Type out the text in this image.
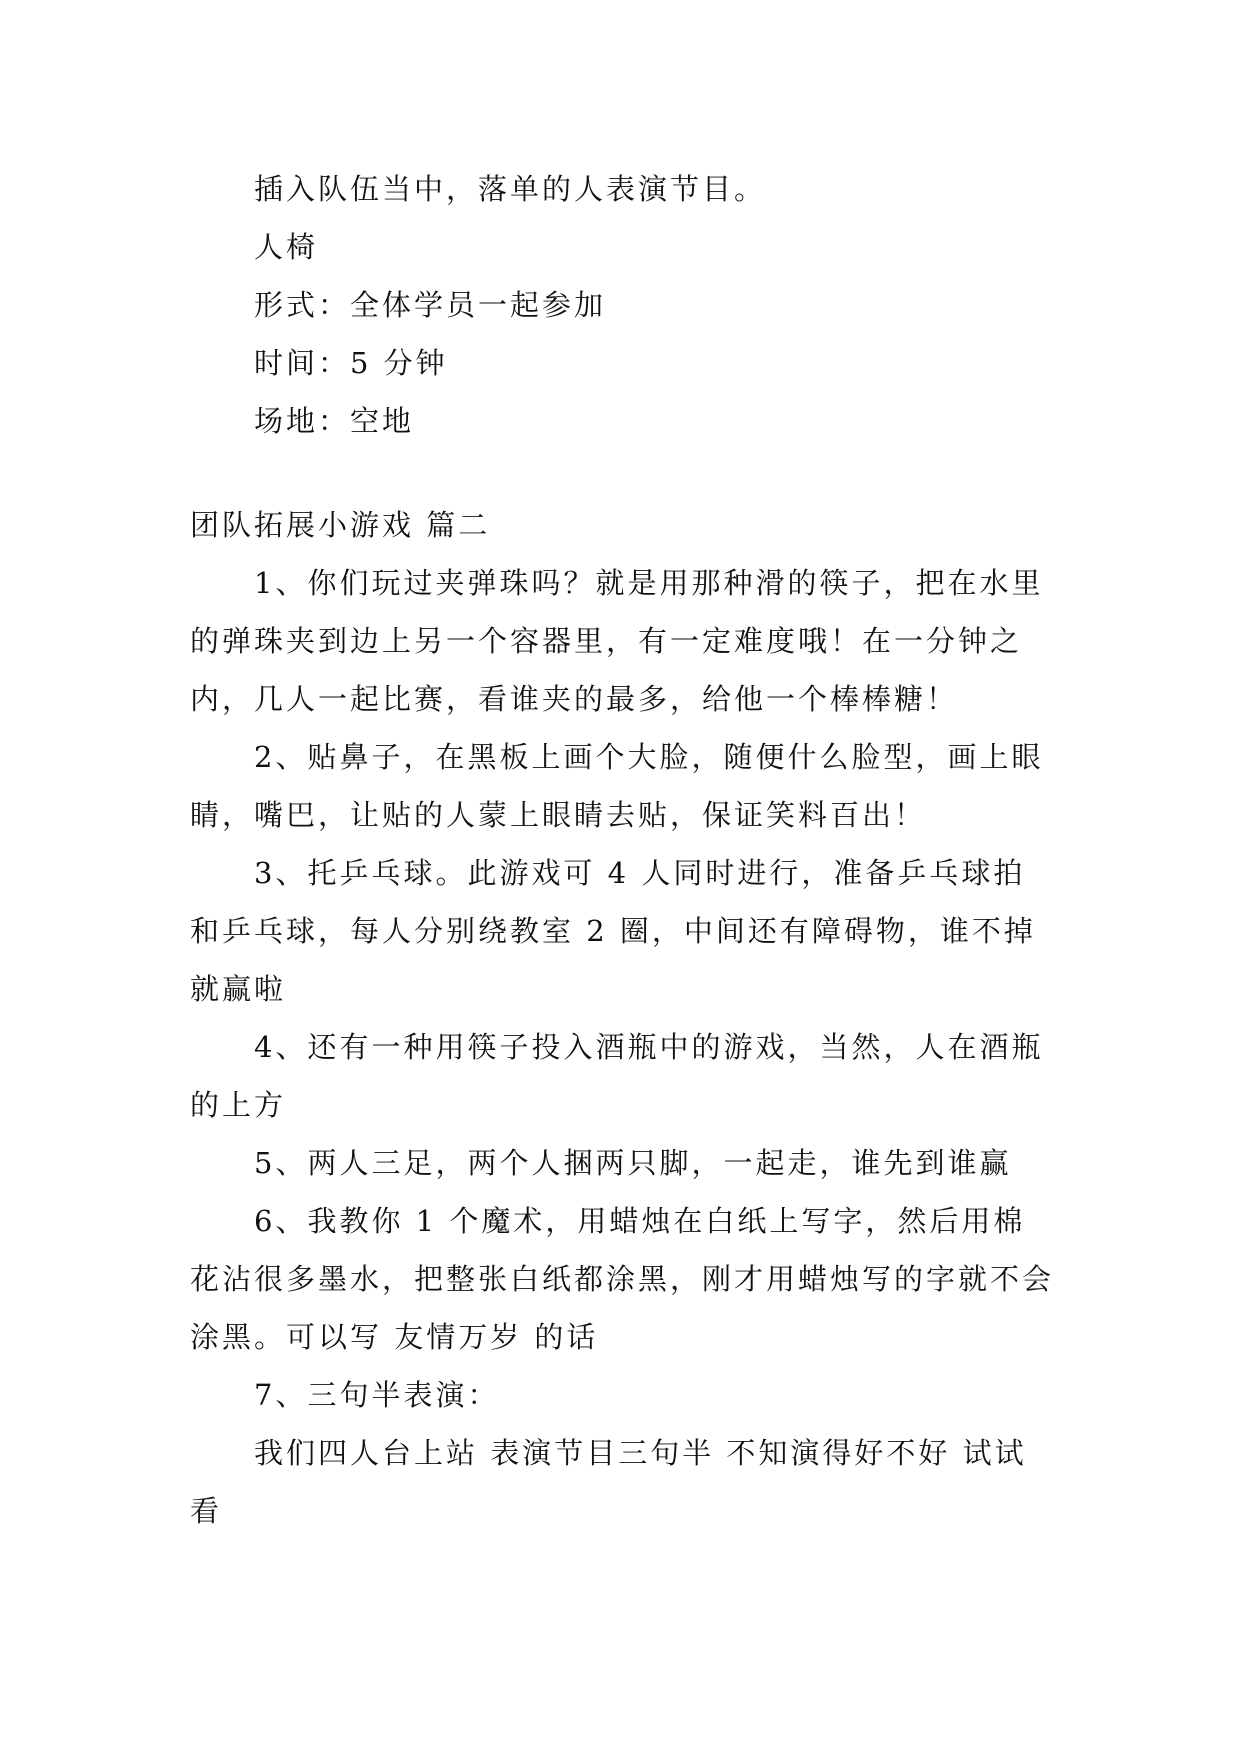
插入队伍当中，落单的人表演节目。

人椅

形式：全体学员一起参加

时间：5 分钟

场地：空地

团队拓展小游戏 篇二

1、你们玩过夹弹珠吗？就是用那种滑的筷子，把在水里的弹珠夹到边上另一个容器里，有一定难度哦！在一分钟之内，几人一起比赛，看谁夹的最多，给他一个棒棒糖！

2、贴鼻子，在黑板上画个大脸，随便什么脸型，画上眼睛，嘴巴，让贴的人蒙上眼睛去贴，保证笑料百出！

3、托乒乓球。此游戏可 4 人同时进行，准备乒乓球拍和乒乓球，每人分别绕教室 2 圈，中间还有障碍物，谁不掉就赢啦

4、还有一种用筷子投入酒瓶中的游戏，当然，人在酒瓶的上方

5、两人三足，两个人捆两只脚，一起走，谁先到谁赢

6、我教你 1 个魔术，用蜡烛在白纸上写字，然后用棉花沾很多墨水，把整张白纸都涂黑，刚才用蜡烛写的字就不会涂黑。可以写 友情万岁 的话

7、三句半表演：

我们四人台上站 表演节目三句半 不知演得好不好 试试看
